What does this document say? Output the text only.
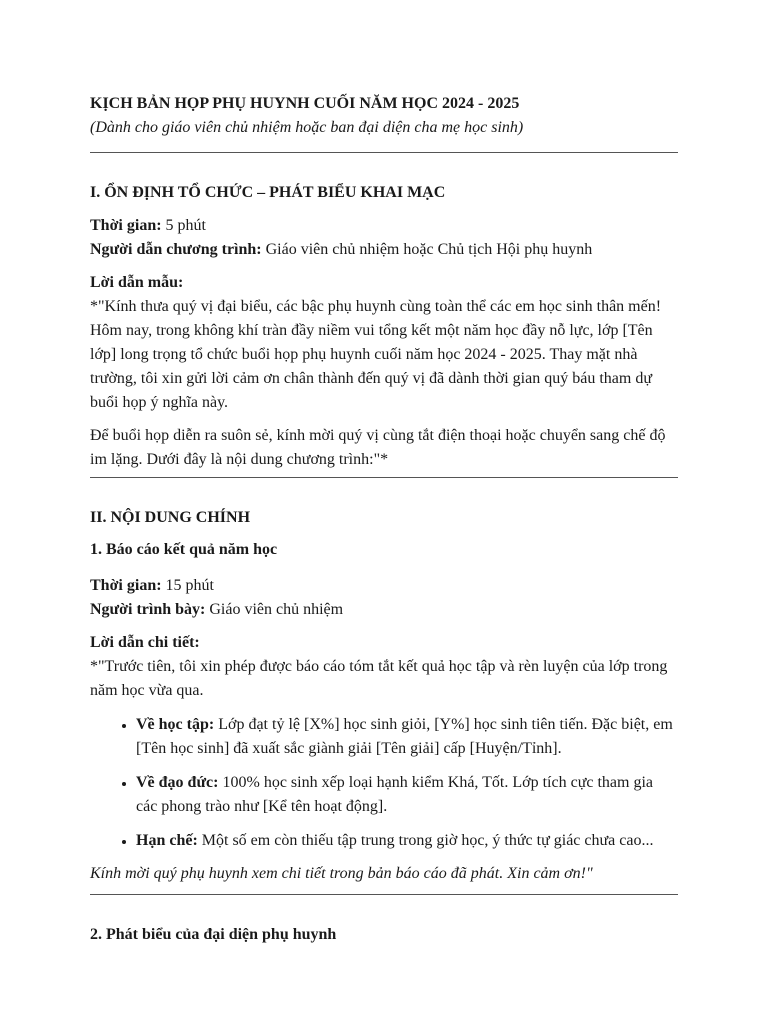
KỊCH BẢN HỌP PHỤ HUYNH CUỐI NĂM HỌC 2024 - 2025

(Dành cho giáo viên chủ nhiệm hoặc ban đại diện cha mẹ học sinh)

I. ỔN ĐỊNH TỔ CHỨC – PHÁT BIỂU KHAI MẠC

Thời gian: 5 phút

Người dẫn chương trình: Giáo viên chủ nhiệm hoặc Chủ tịch Hội phụ huynh

Lời dẫn mẫu:

*"Kính thưa quý vị đại biểu, các bậc phụ huynh cùng toàn thể các em học sinh thân mến! Hôm nay, trong không khí tràn đầy niềm vui tổng kết một năm học đầy nỗ lực, lớp [Tên lớp] long trọng tổ chức buổi họp phụ huynh cuối năm học 2024 - 2025. Thay mặt nhà trường, tôi xin gửi lời cảm ơn chân thành đến quý vị đã dành thời gian quý báu tham dự buổi họp ý nghĩa này.

Để buổi họp diễn ra suôn sẻ, kính mời quý vị cùng tắt điện thoại hoặc chuyển sang chế độ im lặng. Dưới đây là nội dung chương trình:"*

II. NỘI DUNG CHÍNH

1. Báo cáo kết quả năm học

Thời gian: 15 phút

Người trình bày: Giáo viên chủ nhiệm

Lời dẫn chi tiết:

*"Trước tiên, tôi xin phép được báo cáo tóm tắt kết quả học tập và rèn luyện của lớp trong năm học vừa qua.

• Về học tập: Lớp đạt tỷ lệ [X%] học sinh giỏi, [Y%] học sinh tiên tiến. Đặc biệt, em [Tên học sinh] đã xuất sắc giành giải [Tên giải] cấp [Huyện/Tỉnh].
• Về đạo đức: 100% học sinh xếp loại hạnh kiểm Khá, Tốt. Lớp tích cực tham gia các phong trào như [Kể tên hoạt động].
• Hạn chế: Một số em còn thiếu tập trung trong giờ học, ý thức tự giác chưa cao...

Kính mời quý phụ huynh xem chi tiết trong bản báo cáo đã phát. Xin cảm ơn!"

2. Phát biểu của đại diện phụ huynh
